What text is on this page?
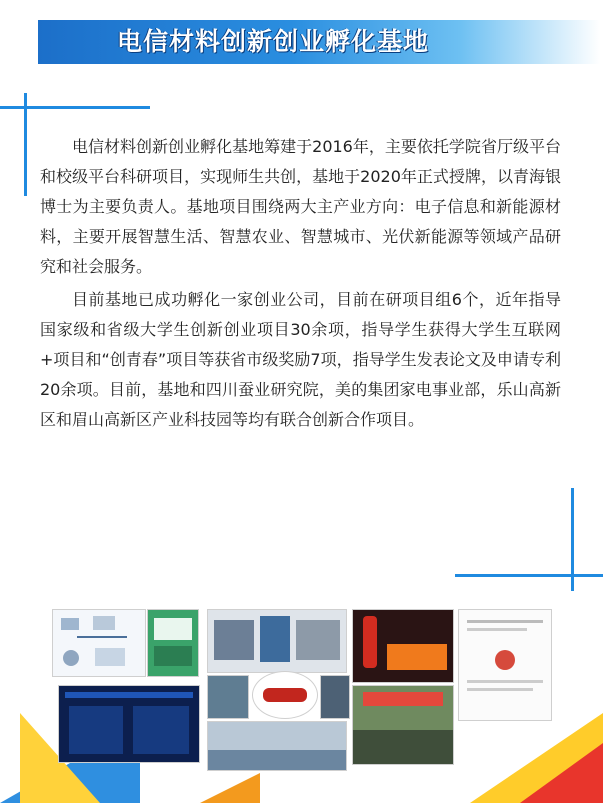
电信材料创新创业孵化基地

电信材料创新创业孵化基地筹建于2016年，主要依托学院省厅级平台和校级平台科研项目，实现师生共创，基地于2020年正式授牌，以青海银博士为主要负责人。基地项目围绕两大主产业方向：电子信息和新能源材料，主要开展智慧生活、智慧农业、智慧城市、光伏新能源等领域产品研究和社会服务。

目前基地已成功孵化一家创业公司，目前在研项目组6个，近年指导国家级和省级大学生创新创业项目30余项，指导学生获得大学生互联网+项目和“创青春”项目等获省市级奖励7项，指导学生发表论文及申请专利20余项。目前，基地和四川蚕业研究院，美的集团家电事业部，乐山高新区和眉山高新区产业科技园等均有联合创新合作项目。
